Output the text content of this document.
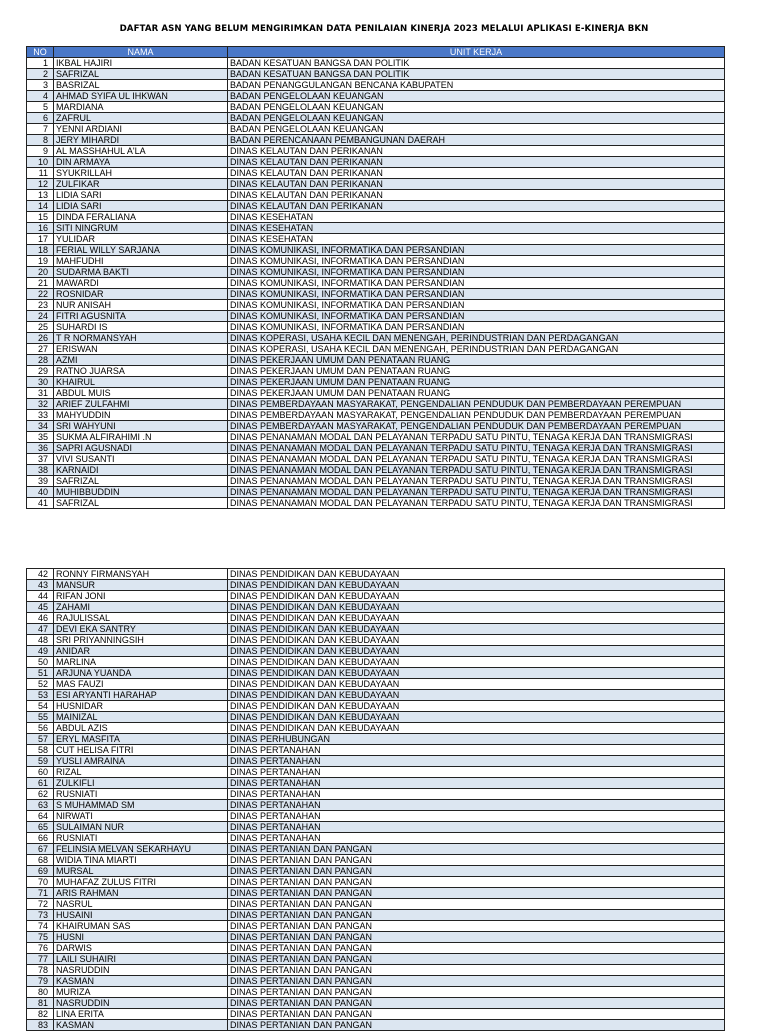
DAFTAR ASN YANG BELUM MENGIRIMKAN DATA PENILAIAN KINERJA 2023 MELALUI APLIKASI E-KINERJA BKN
NO	NAMA	UNIT KERJA
1	IKBAL HAJIRI	BADAN KESATUAN BANGSA DAN POLITIK
2	SAFRIZAL	BADAN KESATUAN BANGSA DAN POLITIK
3	BASRIZAL	BADAN PENANGGULANGAN BENCANA KABUPATEN
4	AHMAD SYIFA UL IHKWAN	BADAN PENGELOLAAN KEUANGAN
5	MARDIANA	BADAN PENGELOLAAN KEUANGAN
6	ZAFRUL	BADAN PENGELOLAAN KEUANGAN
7	YENNI ARDIANI	BADAN PENGELOLAAN KEUANGAN
8	JERY MIHARDI	BADAN PERENCANAAN PEMBANGUNAN DAERAH
9	AL MASSHAHUL A'LA	DINAS KELAUTAN DAN PERIKANAN
10	DIN ARMAYA	DINAS KELAUTAN DAN PERIKANAN
11	SYUKRILLAH	DINAS KELAUTAN DAN PERIKANAN
12	ZULFIKAR	DINAS KELAUTAN DAN PERIKANAN
13	LIDIA SARI	DINAS KELAUTAN DAN PERIKANAN
14	LIDIA SARI	DINAS KELAUTAN DAN PERIKANAN
15	DINDA FERALIANA	DINAS KESEHATAN
16	SITI NINGRUM	DINAS KESEHATAN
17	YULIDAR	DINAS KESEHATAN
18	FERIAL WILLY SARJANA	DINAS KOMUNIKASI, INFORMATIKA DAN PERSANDIAN
19	MAHFUDHI	DINAS KOMUNIKASI, INFORMATIKA DAN PERSANDIAN
20	SUDARMA BAKTI	DINAS KOMUNIKASI, INFORMATIKA DAN PERSANDIAN
21	MAWARDI	DINAS KOMUNIKASI, INFORMATIKA DAN PERSANDIAN
22	ROSNIDAR	DINAS KOMUNIKASI, INFORMATIKA DAN PERSANDIAN
23	NUR ANISAH	DINAS KOMUNIKASI, INFORMATIKA DAN PERSANDIAN
24	FITRI AGUSNITA	DINAS KOMUNIKASI, INFORMATIKA DAN PERSANDIAN
25	SUHARDI IS	DINAS KOMUNIKASI, INFORMATIKA DAN PERSANDIAN
26	T R NORMANSYAH	DINAS KOPERASI, USAHA KECIL DAN MENENGAH, PERINDUSTRIAN DAN PERDAGANGAN
27	ERISWAN	DINAS KOPERASI, USAHA KECIL DAN MENENGAH, PERINDUSTRIAN DAN PERDAGANGAN
28	AZMI	DINAS PEKERJAAN UMUM DAN PENATAAN RUANG
29	RATNO JUARSA	DINAS PEKERJAAN UMUM DAN PENATAAN RUANG
30	KHAIRUL	DINAS PEKERJAAN UMUM DAN PENATAAN RUANG
31	ABDUL MUIS	DINAS PEKERJAAN UMUM DAN PENATAAN RUANG
32	ARIEF ZULFAHMI	DINAS PEMBERDAYAAN MASYARAKAT, PENGENDALIAN PENDUDUK DAN PEMBERDAYAAN PEREMPUAN
33	MAHYUDDIN	DINAS PEMBERDAYAAN MASYARAKAT, PENGENDALIAN PENDUDUK DAN PEMBERDAYAAN PEREMPUAN
34	SRI WAHYUNI	DINAS PEMBERDAYAAN MASYARAKAT, PENGENDALIAN PENDUDUK DAN PEMBERDAYAAN PEREMPUAN
35	SUKMA ALFIRAHIMI .N	DINAS PENANAMAN MODAL DAN PELAYANAN TERPADU SATU PINTU, TENAGA KERJA DAN TRANSMIGRASI
36	SAPRI AGUSNADI	DINAS PENANAMAN MODAL DAN PELAYANAN TERPADU SATU PINTU, TENAGA KERJA DAN TRANSMIGRASI
37	VIVI SUSANTI	DINAS PENANAMAN MODAL DAN PELAYANAN TERPADU SATU PINTU, TENAGA KERJA DAN TRANSMIGRASI
38	KARNAIDI	DINAS PENANAMAN MODAL DAN PELAYANAN TERPADU SATU PINTU, TENAGA KERJA DAN TRANSMIGRASI
39	SAFRIZAL	DINAS PENANAMAN MODAL DAN PELAYANAN TERPADU SATU PINTU, TENAGA KERJA DAN TRANSMIGRASI
40	MUHIBBUDDIN	DINAS PENANAMAN MODAL DAN PELAYANAN TERPADU SATU PINTU, TENAGA KERJA DAN TRANSMIGRASI
41	SAFRIZAL	DINAS PENANAMAN MODAL DAN PELAYANAN TERPADU SATU PINTU, TENAGA KERJA DAN TRANSMIGRASI
42	RONNY FIRMANSYAH	DINAS PENDIDIKAN DAN KEBUDAYAAN
43	MANSUR	DINAS PENDIDIKAN DAN KEBUDAYAAN
44	RIFAN JONI	DINAS PENDIDIKAN DAN KEBUDAYAAN
45	ZAHAMI	DINAS PENDIDIKAN DAN KEBUDAYAAN
46	RAJULISSAL	DINAS PENDIDIKAN DAN KEBUDAYAAN
47	DEVI EKA SANTRY	DINAS PENDIDIKAN DAN KEBUDAYAAN
48	SRI PRIYANNINGSIH	DINAS PENDIDIKAN DAN KEBUDAYAAN
49	ANIDAR	DINAS PENDIDIKAN DAN KEBUDAYAAN
50	MARLINA	DINAS PENDIDIKAN DAN KEBUDAYAAN
51	ARJUNA YUANDA	DINAS PENDIDIKAN DAN KEBUDAYAAN
52	MAS FAUZI	DINAS PENDIDIKAN DAN KEBUDAYAAN
53	ESI ARYANTI HARAHAP	DINAS PENDIDIKAN DAN KEBUDAYAAN
54	HUSNIDAR	DINAS PENDIDIKAN DAN KEBUDAYAAN
55	MAINIZAL	DINAS PENDIDIKAN DAN KEBUDAYAAN
56	ABDUL AZIS	DINAS PENDIDIKAN DAN KEBUDAYAAN
57	ERYL MASFITA	DINAS PERHUBUNGAN
58	CUT HELISA FITRI	DINAS PERTANAHAN
59	YUSLI AMRAINA	DINAS PERTANAHAN
60	RIZAL	DINAS PERTANAHAN
61	ZULKIFLI	DINAS PERTANAHAN
62	RUSNIATI	DINAS PERTANAHAN
63	S MUHAMMAD SM	DINAS PERTANAHAN
64	NIRWATI	DINAS PERTANAHAN
65	SULAIMAN NUR	DINAS PERTANAHAN
66	RUSNIATI	DINAS PERTANAHAN
67	FELINSIA MELVAN SEKARHAYU	DINAS PERTANIAN DAN PANGAN
68	WIDIA TINA MIARTI	DINAS PERTANIAN DAN PANGAN
69	MURSAL	DINAS PERTANIAN DAN PANGAN
70	MUHAFAZ ZULUS FITRI	DINAS PERTANIAN DAN PANGAN
71	ARIS RAHMAN	DINAS PERTANIAN DAN PANGAN
72	NASRUL	DINAS PERTANIAN DAN PANGAN
73	HUSAINI	DINAS PERTANIAN DAN PANGAN
74	KHAIRUMAN SAS	DINAS PERTANIAN DAN PANGAN
75	HUSNI	DINAS PERTANIAN DAN PANGAN
76	DARWIS	DINAS PERTANIAN DAN PANGAN
77	LAILI SUHAIRI	DINAS PERTANIAN DAN PANGAN
78	NASRUDDIN	DINAS PERTANIAN DAN PANGAN
79	KASMAN	DINAS PERTANIAN DAN PANGAN
80	MURIZA	DINAS PERTANIAN DAN PANGAN
81	NASRUDDIN	DINAS PERTANIAN DAN PANGAN
82	LINA ERITA	DINAS PERTANIAN DAN PANGAN
83	KASMAN	DINAS PERTANIAN DAN PANGAN
